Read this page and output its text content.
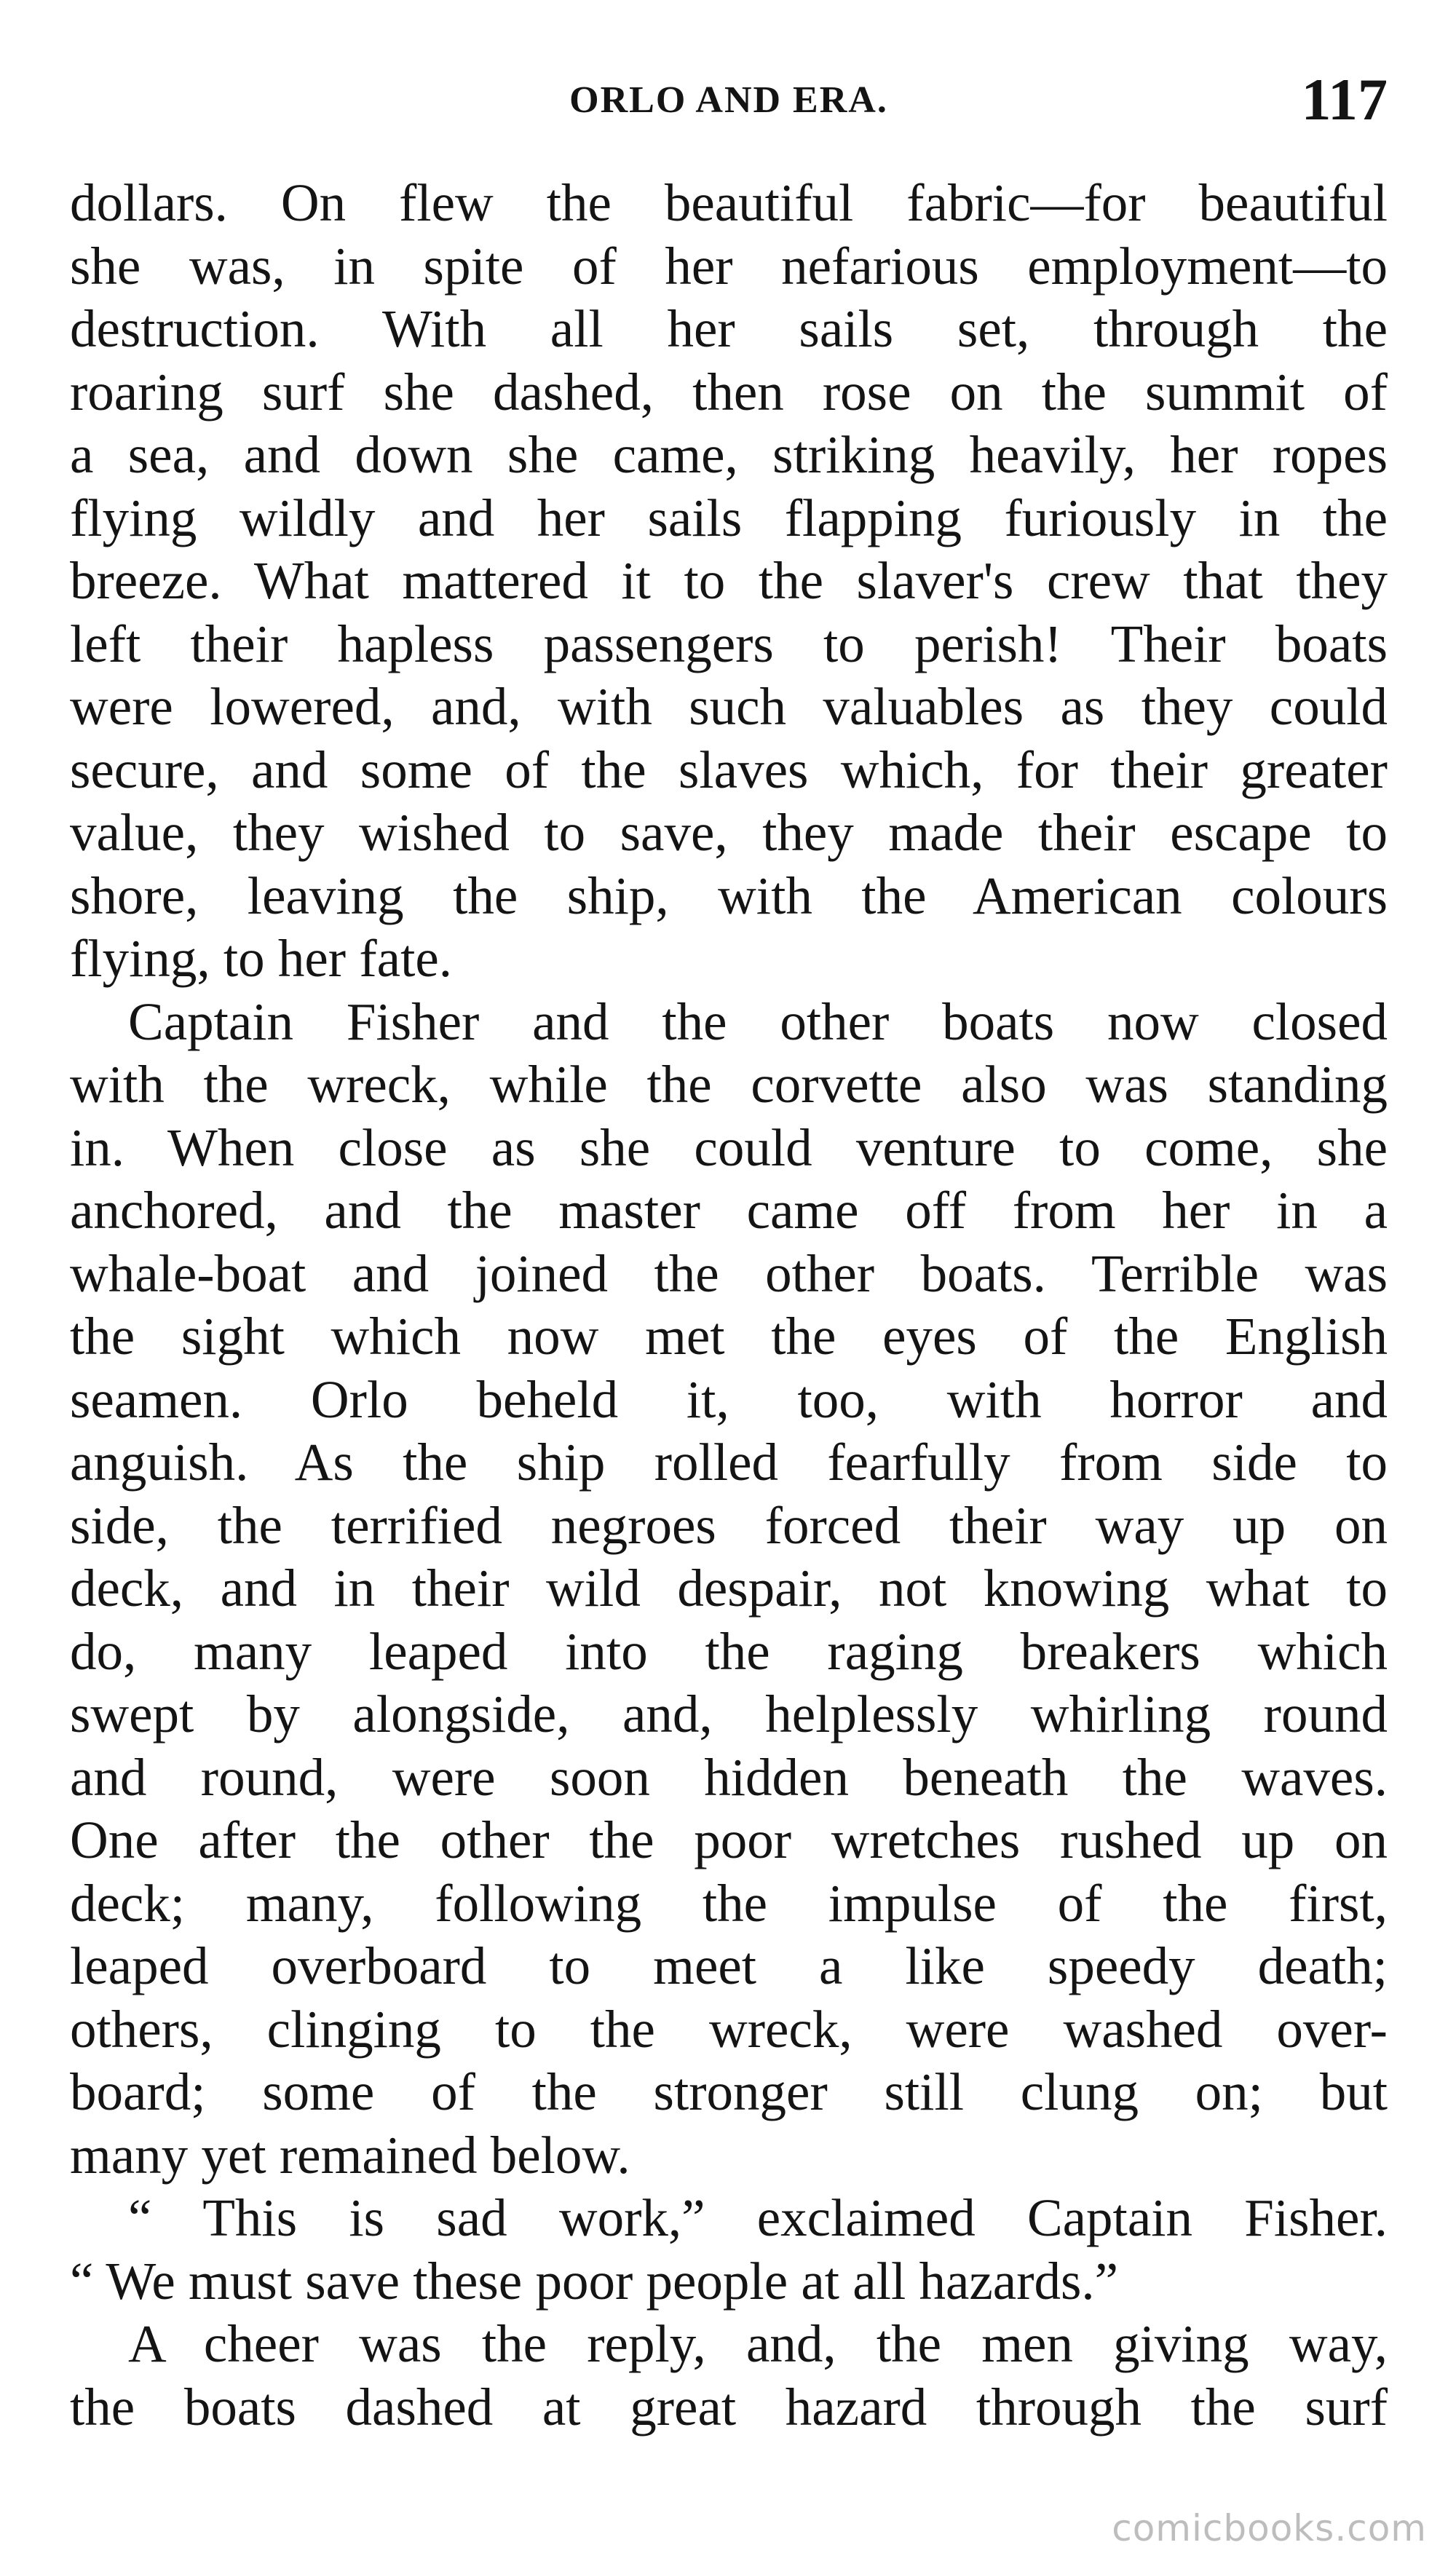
ORLO AND ERA.	117
dollars. On flew the beautiful fabric—for beautiful
she was, in spite of her nefarious employment—to
destruction. With all her sails set, through the
roaring surf she dashed, then rose on the summit of
a sea, and down she came, striking heavily, her ropes
flying wildly and her sails flapping furiously in the
breeze. What mattered it to the slaver's crew that they
left their hapless passengers to perish! Their boats
were lowered, and, with such valuables as they could
secure, and some of the slaves which, for their greater
value, they wished to save, they made their escape to
shore, leaving the ship, with the American colours
flying, to her fate.
Captain Fisher and the other boats now closed
with the wreck, while the corvette also was standing
in. When close as she could venture to come, she
anchored, and the master came off from her in a
whale-boat and joined the other boats. Terrible was
the sight which now met the eyes of the English
seamen. Orlo beheld it, too, with horror and
anguish. As the ship rolled fearfully from side to
side, the terrified negroes forced their way up on
deck, and in their wild despair, not knowing what to
do, many leaped into the raging breakers which
swept by alongside, and, helplessly whirling round
and round, were soon hidden beneath the waves.
One after the other the poor wretches rushed up on
deck; many, following the impulse of the first,
leaped overboard to meet a like speedy death;
others, clinging to the wreck, were washed over-
board; some of the stronger still clung on; but
many yet remained below.
“ This is sad work,” exclaimed Captain Fisher.
“ We must save these poor people at all hazards.”
A cheer was the reply, and, the men giving way,
the boats dashed at great hazard through the surf
comicbooks.com
